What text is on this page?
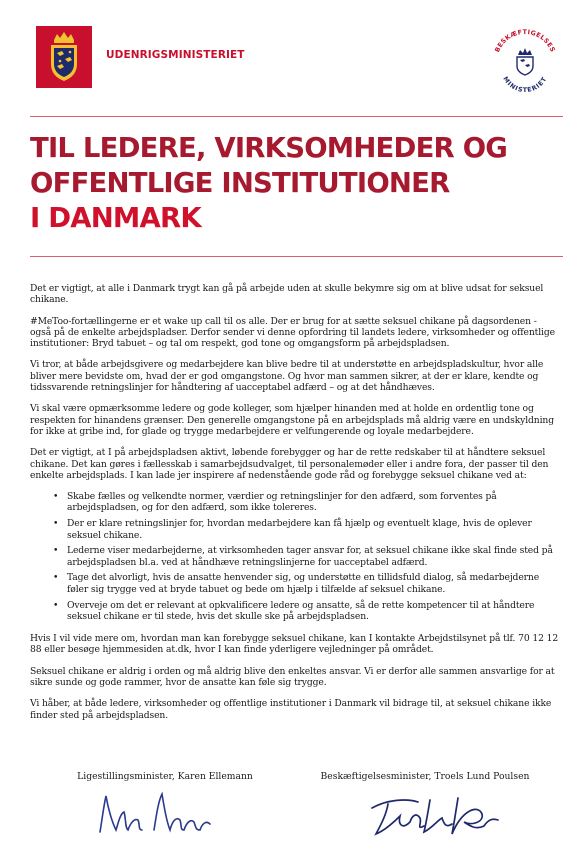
UDENRIGSMINISTERIET	BESKÆFTIGELSES
MINISTERIET
TIL LEDERE, VIRKSOMHEDER OG
OFFENTLIGE INSTITUTIONER
I DANMARK

Det er vigtigt, at alle i Danmark trygt kan gå på arbejde uden at skulle bekymre sig om at blive udsat for seksuel chikane.

#MeToo-fortællingerne er et wake up call til os alle. Der er brug for at sætte seksuel chikane på dagsordenen - også på de enkelte arbejdspladser. Derfor sender vi denne opfordring til landets ledere, virksomheder og offentlige institutioner: Bryd tabuet – og tal om respekt, god tone og omgangsform på arbejdspladsen.

Vi tror, at både arbejdsgivere og medarbejdere kan blive bedre til at understøtte en arbejdspladskultur, hvor alle bliver mere bevidste om, hvad der er god omgangstone. Og hvor man sammen sikrer, at der er klare, kendte og tidssvarende retningslinjer for håndtering af uacceptabel adfærd – og at det håndhæves.

Vi skal være opmærksomme ledere og gode kolleger, som hjælper hinanden med at holde en ordentlig tone og respekten for hinandens grænser. Den generelle omgangstone på en arbejdsplads må aldrig være en undskyldning for ikke at gribe ind, for glade og trygge medarbejdere er velfungerende og loyale medarbejdere.

Det er vigtigt, at I på arbejdspladsen aktivt, løbende forebygger og har de rette redskaber til at håndtere seksuel chikane. Det kan gøres i fællesskab i samarbejdsudvalget, til personalemøder eller i andre fora, der passer til den enkelte arbejdsplads. I kan lade jer inspirere af nedenstående gode råd og forebygge seksuel chikane ved at:

• Skabe fælles og velkendte normer, værdier og retningslinjer for den adfærd, som forventes på arbejdspladsen, og for den adfærd, som ikke tolereres.
• Der er klare retningslinjer for, hvordan medarbejdere kan få hjælp og eventuelt klage, hvis de oplever seksuel chikane.
• Lederne viser medarbejderne, at virksomheden tager ansvar for, at seksuel chikane ikke skal finde sted på arbejdspladsen bl.a. ved at håndhæve retningslinjerne for uacceptabel adfærd.
• Tage det alvorligt, hvis de ansatte henvender sig, og understøtte en tillidsfuld dialog, så medarbejderne føler sig trygge ved at bryde tabuet og bede om hjælp i tilfælde af seksuel chikane.
• Overveje om det er relevant at opkvalificere ledere og ansatte, så de rette kompetencer til at håndtere seksuel chikane er til stede, hvis det skulle ske på arbejdspladsen.

Hvis I vil vide mere om, hvordan man kan forebygge seksuel chikane, kan I kontakte Arbejdstilsynet på tlf. 70 12 12 88 eller besøge hjemmesiden at.dk, hvor I kan finde yderligere vejledninger på området.

Seksuel chikane er aldrig i orden og må aldrig blive den enkeltes ansvar. Vi er derfor alle sammen ansvarlige for at sikre sunde og gode rammer, hvor de ansatte kan føle sig trygge.

Vi håber, at både ledere, virksomheder og offentlige institutioner i Danmark vil bidrage til, at seksuel chikane ikke finder sted på arbejdspladsen.

Ligestillingsminister, Karen Ellemann	Beskæftigelsesminister, Troels Lund Poulsen
